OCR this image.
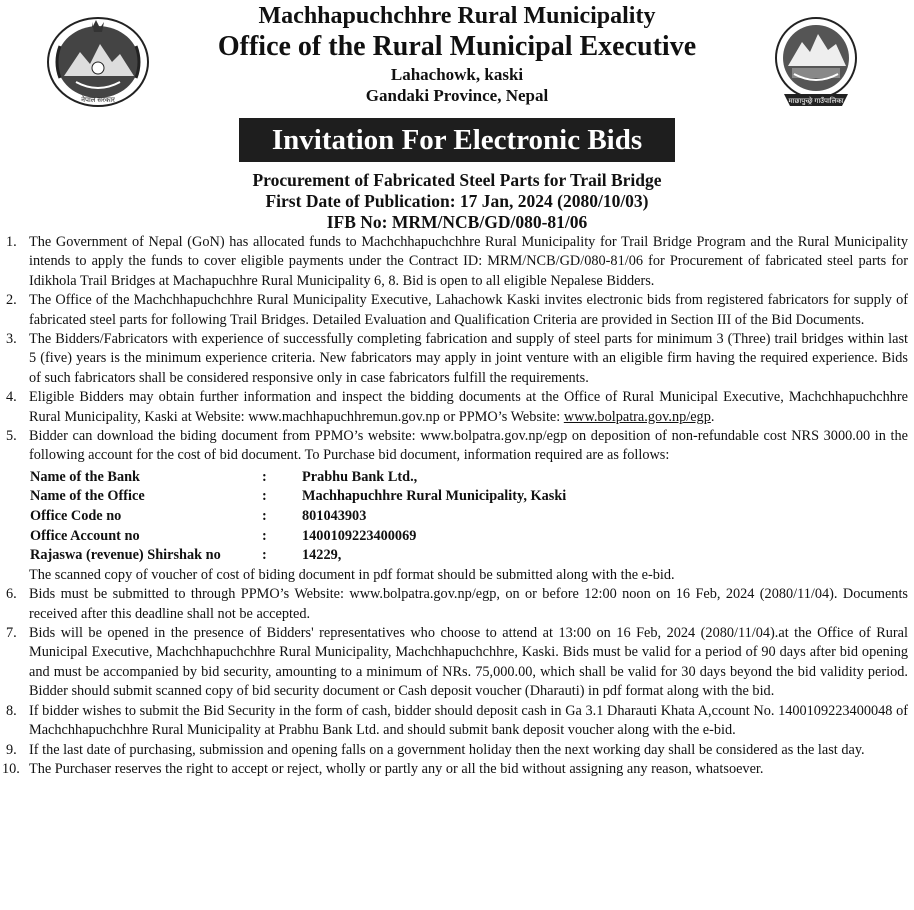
नेपाल सरकार
Machhapuchchhre Rural Municipality
Office of the Rural Municipal Executive
Lahachowk, kaski
Gandaki Province, Nepal	माछापुच्छ्रे गाउँपालिका
Invitation For Electronic Bids
Procurement of Fabricated Steel Parts for Trail Bridge
First Date of Publication: 17 Jan, 2024 (2080/10/03)
IFB No: MRM/NCB/GD/080-81/06
1. The Government of Nepal (GoN) has allocated funds to Machchhapuchchhre Rural Municipality for Trail Bridge Program and the Rural Municipality intends to apply the funds to cover eligible payments under the Contract ID: MRM/NCB/GD/080-81/06 for Procurement of fabricated steel parts for Idikhola Trail Bridges at Machapuchhre Rural Municipality 6, 8. Bid is open to all eligible Nepalese Bidders.
2. The Office of the Machchhapuchchhre Rural Municipality Executive, Lahachowk Kaski invites electronic bids from registered fabricators for supply of fabricated steel parts for following Trail Bridges. Detailed Evaluation and Qualification Criteria are provided in Section III of the Bid Documents.
3. The Bidders/Fabricators with experience of successfully completing fabrication and supply of steel parts for minimum 3 (Three) trail bridges within last 5 (five) years is the minimum experience criteria. New fabricators may apply in joint venture with an eligible firm having the required experience. Bids of such fabricators shall be considered responsive only in case fabricators fulfill the requirements.
4. Eligible Bidders may obtain further information and inspect the bidding documents at the Office of Rural Municipal Executive, Machchhapuchchhre Rural Municipality, Kaski at Website: www.machhapuchhremun.gov.np or PPMO’s Website: www.bolpatra.gov.np/egp.
5. Bidder can download the biding document from PPMO’s website: www.bolpatra.gov.np/egp on deposition of non-refundable cost NRS 3000.00 in the following account for the cost of bid document. To Purchase bid document, information required are as follows:
Name of the Bank	:	Prabhu Bank Ltd.,
Name of the Office	:	Machhapuchhre Rural Municipality, Kaski
Office Code no	:	801043903
Office Account no	:	1400109223400069
Rajaswa (revenue) Shirshak no	:	14229,
The scanned copy of voucher of cost of biding document in pdf format should be submitted along with the e-bid.
6. Bids must be submitted to through PPMO’s Website: www.bolpatra.gov.np/egp, on or before 12:00 noon on 16 Feb, 2024 (2080/11/04). Documents received after this deadline shall not be accepted.
7. Bids will be opened in the presence of Bidders' representatives who choose to attend at 13:00 on 16 Feb, 2024 (2080/11/04).at the Office of Rural Municipal Executive, Machchhapuchchhre Rural Municipality, Machchhapuchchhre, Kaski. Bids must be valid for a period of 90 days after bid opening and must be accompanied by bid security, amounting to a minimum of NRs. 75,000.00, which shall be valid for 30 days beyond the bid validity period. Bidder should submit scanned copy of bid security document or Cash deposit voucher (Dharauti) in pdf format along with the bid.
8. If bidder wishes to submit the Bid Security in the form of cash, bidder should deposit cash in Ga 3.1 Dharauti Khata A,ccount No. 1400109223400048 of Machchhapuchchhre Rural Municipality at Prabhu Bank Ltd. and should submit bank deposit voucher along with the e-bid.
9. If the last date of purchasing, submission and opening falls on a government holiday then the next working day shall be considered as the last day.
10. The Purchaser reserves the right to accept or reject, wholly or partly any or all the bid without assigning any reason, whatsoever.
